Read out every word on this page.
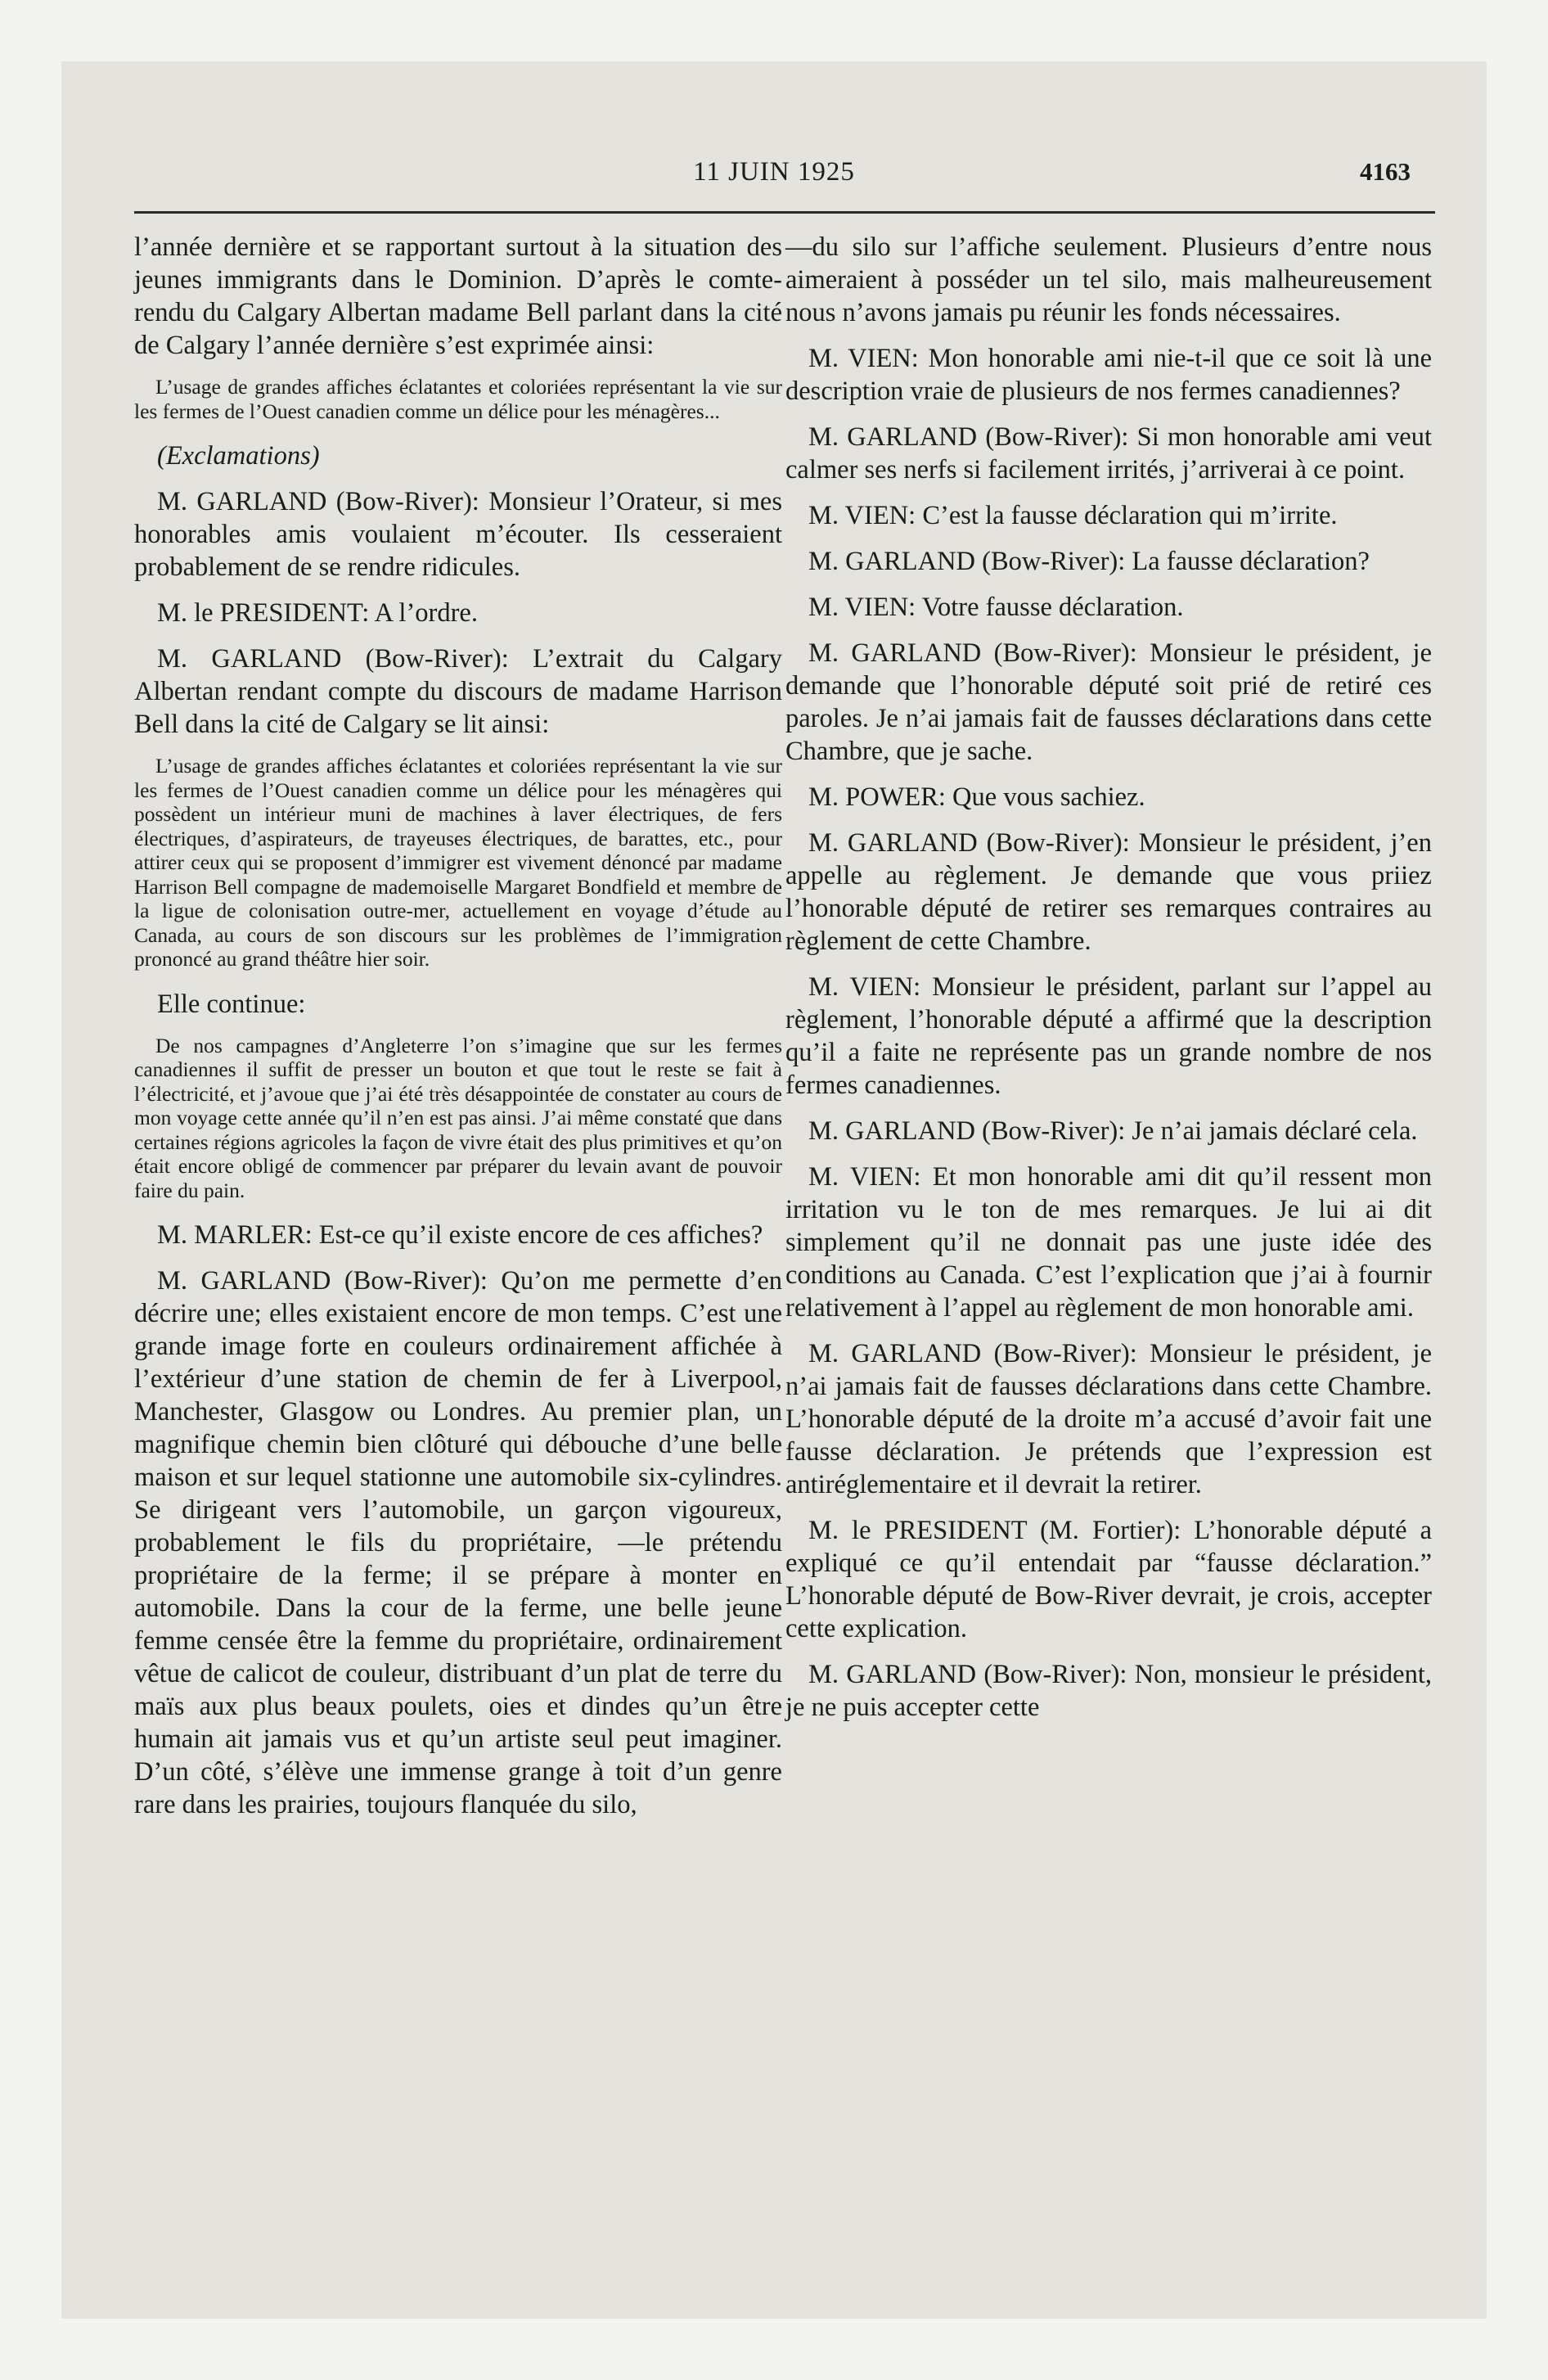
11 JUIN 1925	4163

l’année dernière et se rapportant surtout à la situation des jeunes immigrants dans le Dominion. D’après le comte-rendu du Calgary Albertan madame Bell parlant dans la cité de Calgary l’année dernière s’est exprimée ainsi:

L’usage de grandes affiches éclatantes et coloriées représentant la vie sur les fermes de l’Ouest canadien comme un délice pour les ménagères...

(Exclamations)

M. GARLAND (Bow-River): Monsieur l’Orateur, si mes honorables amis voulaient m’écouter. Ils cesseraient probablement de se rendre ridicules.

M. le PRESIDENT: A l’ordre.

M. GARLAND (Bow-River): L’extrait du Calgary Albertan rendant compte du discours de madame Harrison Bell dans la cité de Calgary se lit ainsi:

L’usage de grandes affiches éclatantes et coloriées représentant la vie sur les fermes de l’Ouest canadien comme un délice pour les ménagères qui possèdent un intérieur muni de machines à laver électriques, de fers électriques, d’aspirateurs, de trayeuses électriques, de barattes, etc., pour attirer ceux qui se proposent d’immigrer est vivement dénoncé par madame Harrison Bell compagne de mademoiselle Margaret Bondfield et membre de la ligue de colonisation outre-mer, actuellement en voyage d’étude au Canada, au cours de son discours sur les problèmes de l’immigration prononcé au grand théâtre hier soir.

Elle continue:

De nos campagnes d’Angleterre l’on s’imagine que sur les fermes canadiennes il suffit de presser un bouton et que tout le reste se fait à l’électricité, et j’avoue que j’ai été très désappointée de constater au cours de mon voyage cette année qu’il n’en est pas ainsi. J’ai même constaté que dans certaines régions agricoles la façon de vivre était des plus primitives et qu’on était encore obligé de commencer par préparer du levain avant de pouvoir faire du pain.

M. MARLER: Est-ce qu’il existe encore de ces affiches?

M. GARLAND (Bow-River): Qu’on me permette d’en décrire une; elles existaient encore de mon temps. C’est une grande image forte en couleurs ordinairement affichée à l’extérieur d’une station de chemin de fer à Liverpool, Manchester, Glasgow ou Londres. Au premier plan, un magnifique chemin bien clôturé qui débouche d’une belle maison et sur lequel stationne une automobile six-cylindres. Se dirigeant vers l’automobile, un garçon vigoureux, probablement le fils du propriétaire, —le prétendu propriétaire de la ferme; il se prépare à monter en automobile. Dans la cour de la ferme, une belle jeune femme censée être la femme du propriétaire, ordinairement vêtue de calicot de couleur, distribuant d’un plat de terre du maïs aux plus beaux poulets, oies et dindes qu’un être humain ait jamais vus et qu’un artiste seul peut imaginer. D’un côté, s’élève une immense grange à toit d’un genre rare dans les prairies, toujours flanquée du silo,

—du silo sur l’affiche seulement. Plusieurs d’entre nous aimeraient à posséder un tel silo, mais malheureusement nous n’avons jamais pu réunir les fonds nécessaires.

M. VIEN: Mon honorable ami nie-t-il que ce soit là une description vraie de plusieurs de nos fermes canadiennes?

M. GARLAND (Bow-River): Si mon honorable ami veut calmer ses nerfs si facilement irrités, j’arriverai à ce point.

M. VIEN: C’est la fausse déclaration qui m’irrite.

M. GARLAND (Bow-River): La fausse déclaration?

M. VIEN: Votre fausse déclaration.

M. GARLAND (Bow-River): Monsieur le président, je demande que l’honorable député soit prié de retiré ces paroles. Je n’ai jamais fait de fausses déclarations dans cette Chambre, que je sache.

M. POWER: Que vous sachiez.

M. GARLAND (Bow-River): Monsieur le président, j’en appelle au règlement. Je demande que vous priiez l’honorable député de retirer ses remarques contraires au règlement de cette Chambre.

M. VIEN: Monsieur le président, parlant sur l’appel au règlement, l’honorable député a affirmé que la description qu’il a faite ne représente pas un grande nombre de nos fermes canadiennes.

M. GARLAND (Bow-River): Je n’ai jamais déclaré cela.

M. VIEN: Et mon honorable ami dit qu’il ressent mon irritation vu le ton de mes remarques. Je lui ai dit simplement qu’il ne donnait pas une juste idée des conditions au Canada. C’est l’explication que j’ai à fournir relativement à l’appel au règlement de mon honorable ami.

M. GARLAND (Bow-River): Monsieur le président, je n’ai jamais fait de fausses déclarations dans cette Chambre. L’honorable député de la droite m’a accusé d’avoir fait une fausse déclaration. Je prétends que l’expression est antiréglementaire et il devrait la retirer.

M. le PRESIDENT (M. Fortier): L’honorable député a expliqué ce qu’il entendait par “fausse déclaration.” L’honorable député de Bow-River devrait, je crois, accepter cette explication.

M. GARLAND (Bow-River): Non, monsieur le président, je ne puis accepter cette
